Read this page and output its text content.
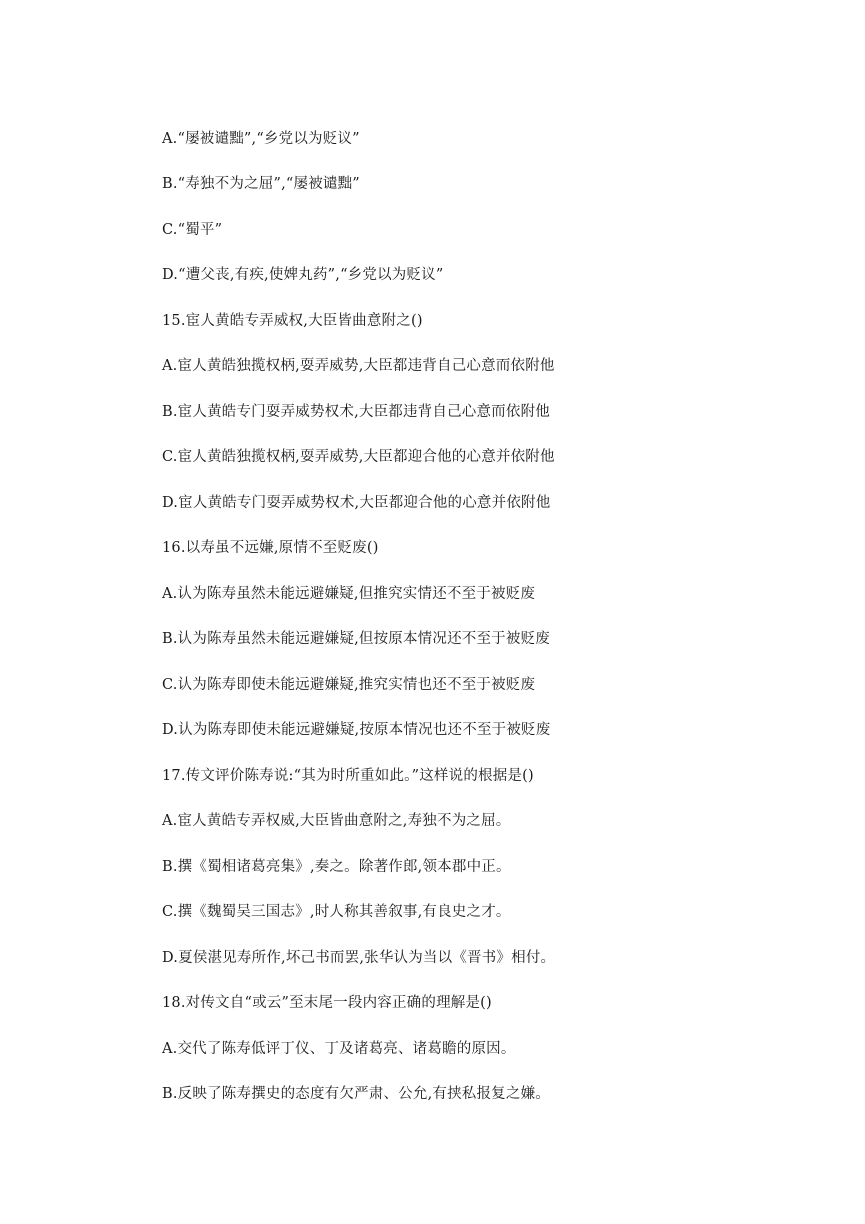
A.“屡被谴黜”,“乡党以为贬议”
B.“寿独不为之屈”,“屡被谴黜”
C.“蜀平”
D.“遭父丧,有疾,使婢丸药”,“乡党以为贬议”
15.宦人黄皓专弄威权,大臣皆曲意附之()
A.宦人黄皓独揽权柄,耍弄威势,大臣都违背自己心意而依附他
B.宦人黄皓专门耍弄威势权术,大臣都违背自己心意而依附他
C.宦人黄皓独揽权柄,耍弄威势,大臣都迎合他的心意并依附他
D.宦人黄皓专门耍弄威势权术,大臣都迎合他的心意并依附他
16.以寿虽不远嫌,原情不至贬废()
A.认为陈寿虽然未能远避嫌疑,但推究实情还不至于被贬废
B.认为陈寿虽然未能远避嫌疑,但按原本情况还不至于被贬废
C.认为陈寿即使未能远避嫌疑,推究实情也还不至于被贬废
D.认为陈寿即使未能远避嫌疑,按原本情况也还不至于被贬废
17.传文评价陈寿说:“其为时所重如此。”这样说的根据是()
A.宦人黄皓专弄权威,大臣皆曲意附之,寿独不为之屈。
B.撰《蜀相诸葛亮集》,奏之。除著作郎,领本郡中正。
C.撰《魏蜀吴三国志》,时人称其善叙事,有良史之才。
D.夏侯湛见寿所作,坏己书而罢,张华认为当以《晋书》相付。
18.对传文自“或云”至末尾一段内容正确的理解是()
A.交代了陈寿低评丁仪、丁及诸葛亮、诸葛瞻的原因。
B.反映了陈寿撰史的态度有欠严肃、公允,有挟私报复之嫌。
